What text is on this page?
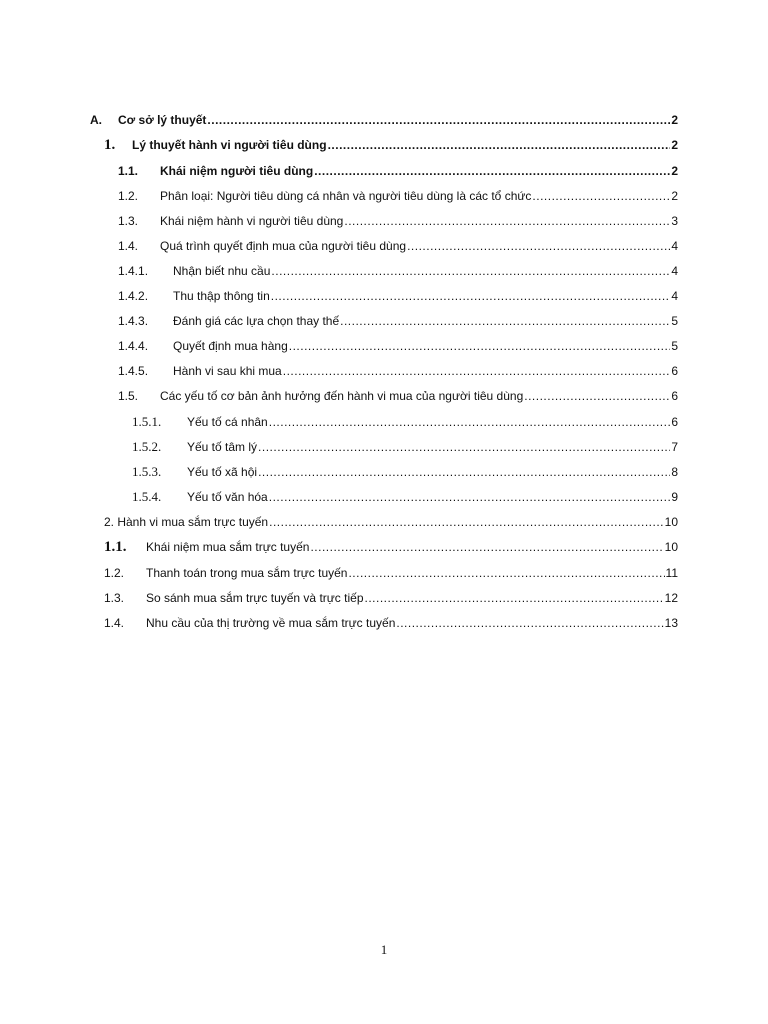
A.	Cơ sở lý thuyết .....	2
1.	Lý thuyết hành vi người tiêu dùng .....	2
1.1.	Khái niệm người tiêu dùng .....	2
1.2.	Phân loại: Người tiêu dùng cá nhân và người tiêu dùng là các tổ chức .....	2
1.3.	Khái niệm hành vi người tiêu dùng .....	3
1.4.	Quá trình quyết định mua của người tiêu dùng .....	4
1.4.1.	Nhận biết nhu cầu .....	4
1.4.2.	Thu thập thông tin .....	4
1.4.3.	Đánh giá các lựa chọn thay thế .....	5
1.4.4.	Quyết định mua hàng .....	5
1.4.5.	Hành vi sau khi mua .....	6
1.5.	Các yếu tố cơ bản ảnh hưởng đến hành vi mua của người tiêu dùng .....	6
1.5.1.	Yếu tố cá nhân .....	6
1.5.2.	Yếu tố tâm lý .....	7
1.5.3.	Yếu tố xã hội .....	8
1.5.4.	Yếu tố văn hóa .....	9
2. Hành vi mua sắm trực tuyến .....	10
1.1.	Khái niệm mua sắm trực tuyến .....	10
1.2.	Thanh toán trong mua sắm trực tuyến .....	11
1.3.	So sánh mua sắm trực tuyến và trực tiếp .....	12
1.4.	Nhu cầu của thị trường về mua sắm trực tuyến .....	13
1
